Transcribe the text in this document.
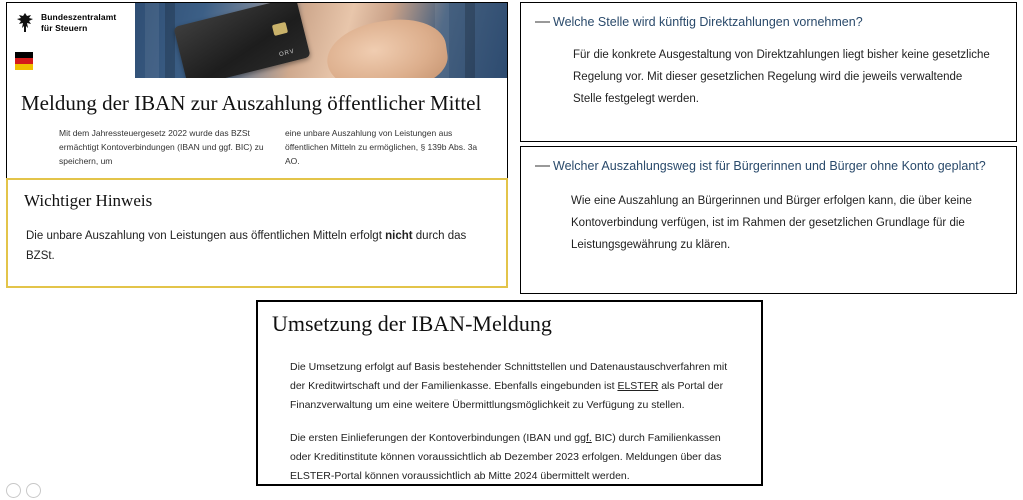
Bundeszentralamt
für Steuern
ORV
Meldung der IBAN zur Auszahlung öffentlicher Mittel
Mit dem Jahressteuergesetz 2022 wurde das BZSt ermächtigt Kontoverbindungen (IBAN und ggf. BIC) zu speichern, um
eine unbare Auszahlung von Leistungen aus öffentlichen Mitteln zu ermöglichen, § 139b Abs. 3a AO.
Wichtiger Hinweis
Die unbare Auszahlung von Leistungen aus öffentlichen Mitteln erfolgt nicht durch das BZSt.
— Welche Stelle wird künftig Direktzahlungen vornehmen?
Für die konkrete Ausgestaltung von Direktzahlungen liegt bisher keine gesetzliche Regelung vor. Mit dieser gesetzlichen Regelung wird die jeweils verwaltende Stelle festgelegt werden.
— Welcher Auszahlungsweg ist für Bürgerinnen und Bürger ohne Konto geplant?
Wie eine Auszahlung an Bürgerinnen und Bürger erfolgen kann, die über keine Kontoverbindung verfügen, ist im Rahmen der gesetzlichen Grundlage für die Leistungsgewährung zu klären.
Umsetzung der IBAN-Meldung
Die Umsetzung erfolgt auf Basis bestehender Schnittstellen und Datenaustauschverfahren mit der Kreditwirtschaft und der Familienkasse. Ebenfalls eingebunden ist ELSTER als Portal der Finanzverwaltung um eine weitere Übermittlungsmöglichkeit zu Verfügung zu stellen.
Die ersten Einlieferungen der Kontoverbindungen (IBAN und ggf. BIC) durch Familienkassen oder Kreditinstitute können voraussichtlich ab Dezember 2023 erfolgen. Meldungen über das ELSTER-Portal können voraussichtlich ab Mitte 2024 übermittelt werden.
